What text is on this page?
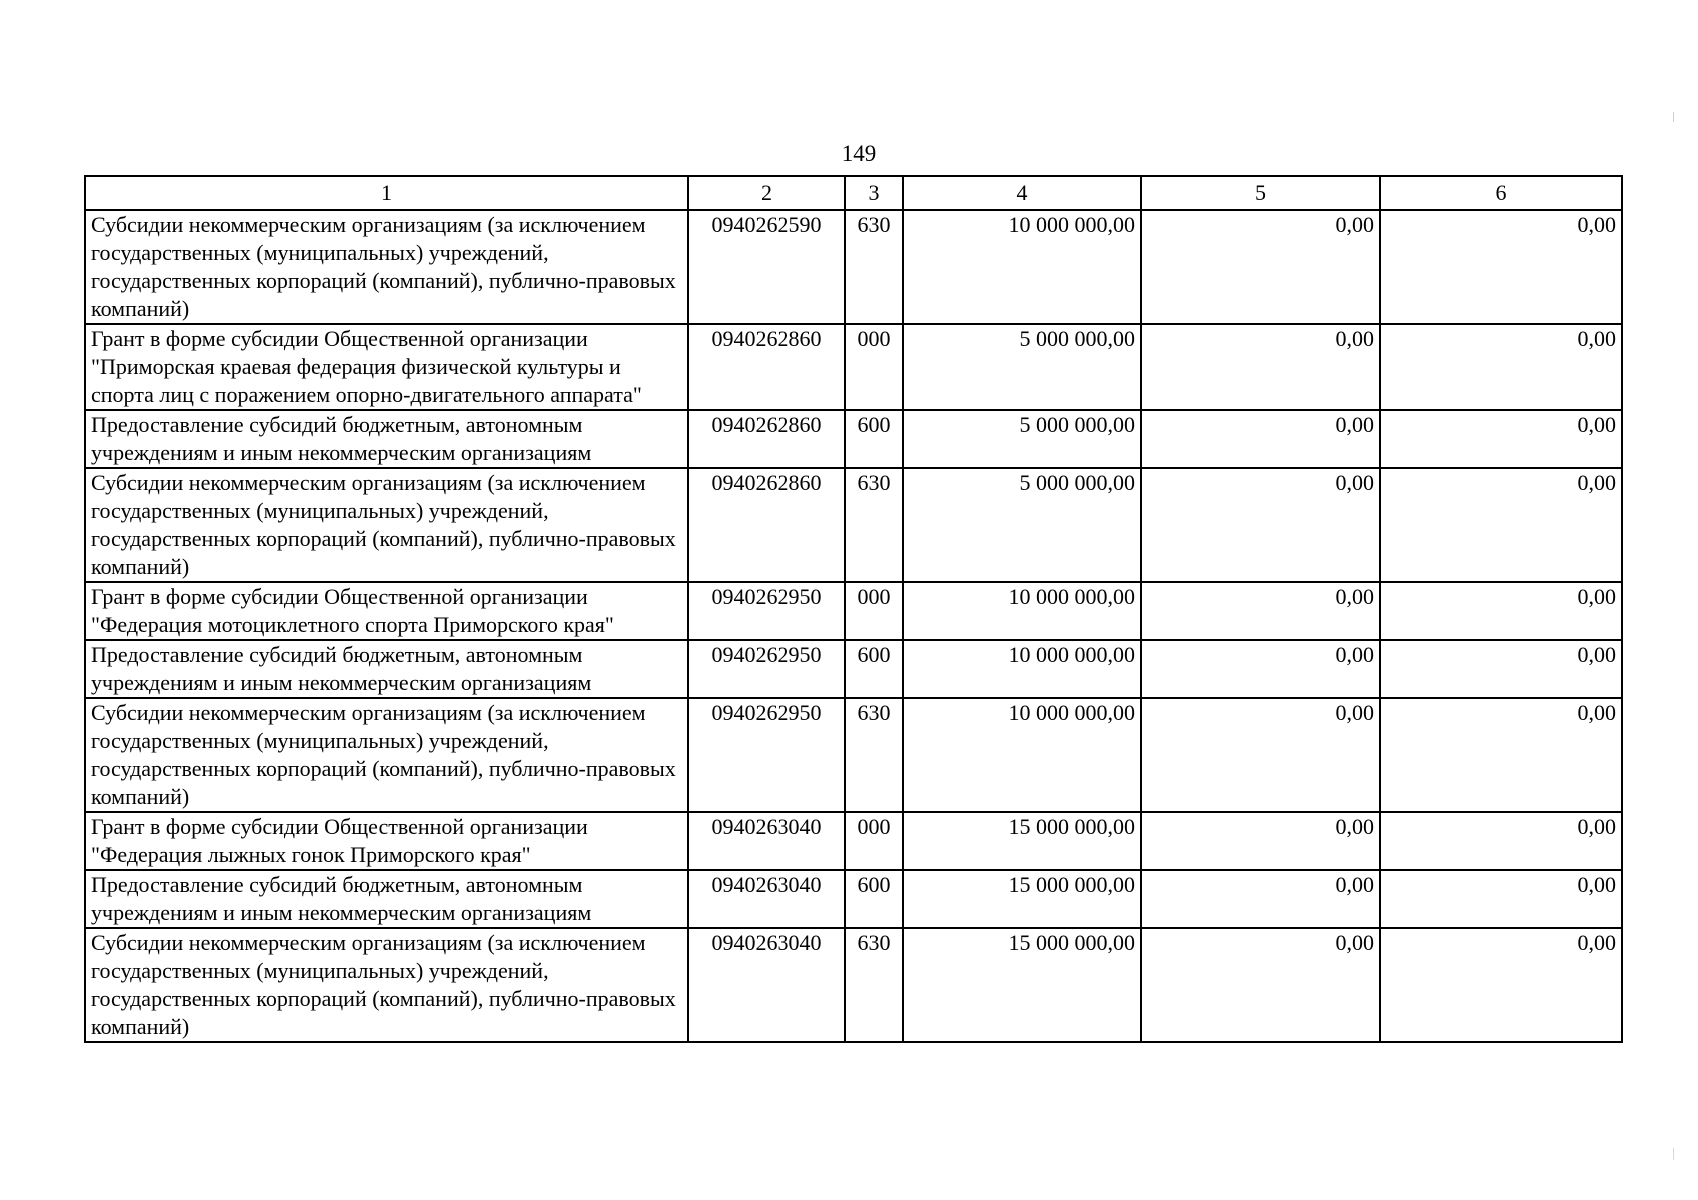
149
1	2	3	4	5	6
Субсидии некоммерческим организациям (за исключением государственных (муниципальных) учреждений, государственных корпораций (компаний), публично-правовых компаний)	0940262590	630	10 000 000,00	0,00	0,00
Грант в форме субсидии Общественной организации "Приморская краевая федерация физической культуры и спорта лиц с поражением опорно-двигательного аппарата"	0940262860	000	5 000 000,00	0,00	0,00
Предоставление субсидий бюджетным, автономным учреждениям и иным некоммерческим организациям	0940262860	600	5 000 000,00	0,00	0,00
Субсидии некоммерческим организациям (за исключением государственных (муниципальных) учреждений, государственных корпораций (компаний), публично-правовых компаний)	0940262860	630	5 000 000,00	0,00	0,00
Грант в форме субсидии Общественной организации "Федерация мотоциклетного спорта Приморского края"	0940262950	000	10 000 000,00	0,00	0,00
Предоставление субсидий бюджетным, автономным учреждениям и иным некоммерческим организациям	0940262950	600	10 000 000,00	0,00	0,00
Субсидии некоммерческим организациям (за исключением государственных (муниципальных) учреждений, государственных корпораций (компаний), публично-правовых компаний)	0940262950	630	10 000 000,00	0,00	0,00
Грант в форме субсидии Общественной организации "Федерация лыжных гонок Приморского края"	0940263040	000	15 000 000,00	0,00	0,00
Предоставление субсидий бюджетным, автономным учреждениям и иным некоммерческим организациям	0940263040	600	15 000 000,00	0,00	0,00
Субсидии некоммерческим организациям (за исключением государственных (муниципальных) учреждений, государственных корпораций (компаний), публично-правовых компаний)	0940263040	630	15 000 000,00	0,00	0,00
